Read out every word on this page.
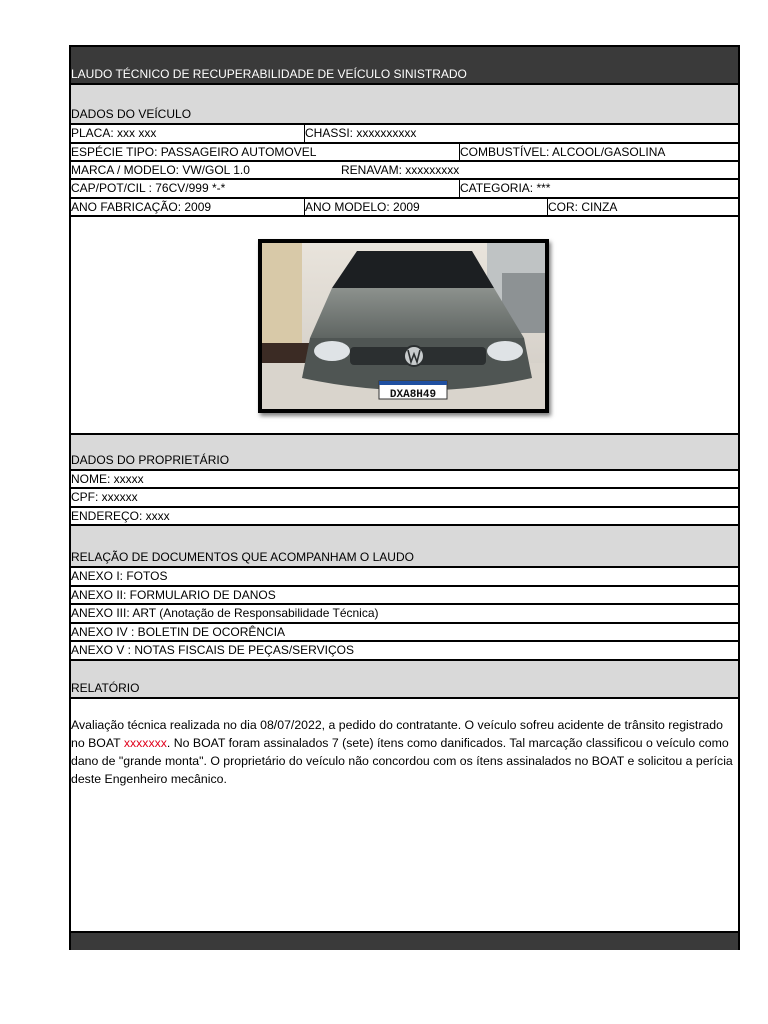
LAUDO TÉCNICO DE RECUPERABILIDADE DE VEÍCULO SINISTRADO
DADOS DO VEÍCULO
PLACA: xxx xxx	CHASSI: xxxxxxxxxx
ESPÉCIE TIPO: PASSAGEIRO AUTOMOVEL	COMBUSTÍVEL: ALCOOL/GASOLINA
MARCA / MODELO: VW/GOL 1.0	RENAVAM: xxxxxxxxx
CAP/POT/CIL : 76CV/999 *-*	CATEGORIA: ***
ANO FABRICAÇÃO: 2009	ANO MODELO: 2009	COR: CINZA
DXA8H49
DADOS DO PROPRIETÁRIO
NOME: xxxxx
CPF: xxxxxx
ENDEREÇO: xxxx
RELAÇÃO DE DOCUMENTOS QUE ACOMPANHAM O LAUDO
ANEXO I: FOTOS
ANEXO II: FORMULARIO DE DANOS
ANEXO III: ART (Anotação de Responsabilidade Técnica)
ANEXO IV : BOLETIN DE OCORÊNCIA
ANEXO V : NOTAS FISCAIS DE PEÇAS/SERVIÇOS
RELATÓRIO
Avaliação técnica realizada no dia 08/07/2022, a pedido do contratante. O veículo sofreu acidente de trânsito registrado no BOAT xxxxxxx. No BOAT foram assinalados 7 (sete) ítens como danificados. Tal marcação classificou o veículo como dano de "grande monta". O proprietário do veículo não concordou com os ítens assinalados no BOAT e solicitou a perícia deste Engenheiro mecânico.
